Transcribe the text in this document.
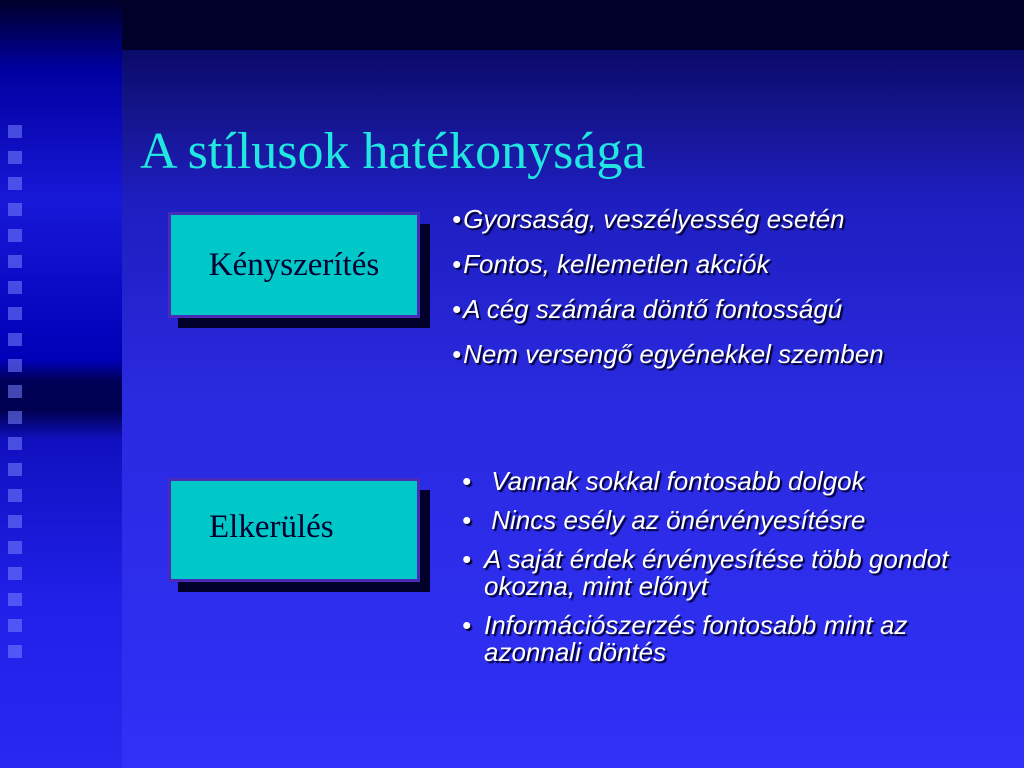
A stílusok hatékonysága
Kényszerítés
•Gyorsaság, veszélyesség esetén
•Fontos, kellemetlen akciók
•A cég számára döntő fontosságú
•Nem versengő egyénekkel szemben
Elkerülés
• Vannak sokkal fontosabb dolgok
• Nincs esély az önérvényesítésre
• A saját érdek érvényesítése több gondot okozna, mint előnyt
• Információszerzés fontosabb mint az azonnali döntés
